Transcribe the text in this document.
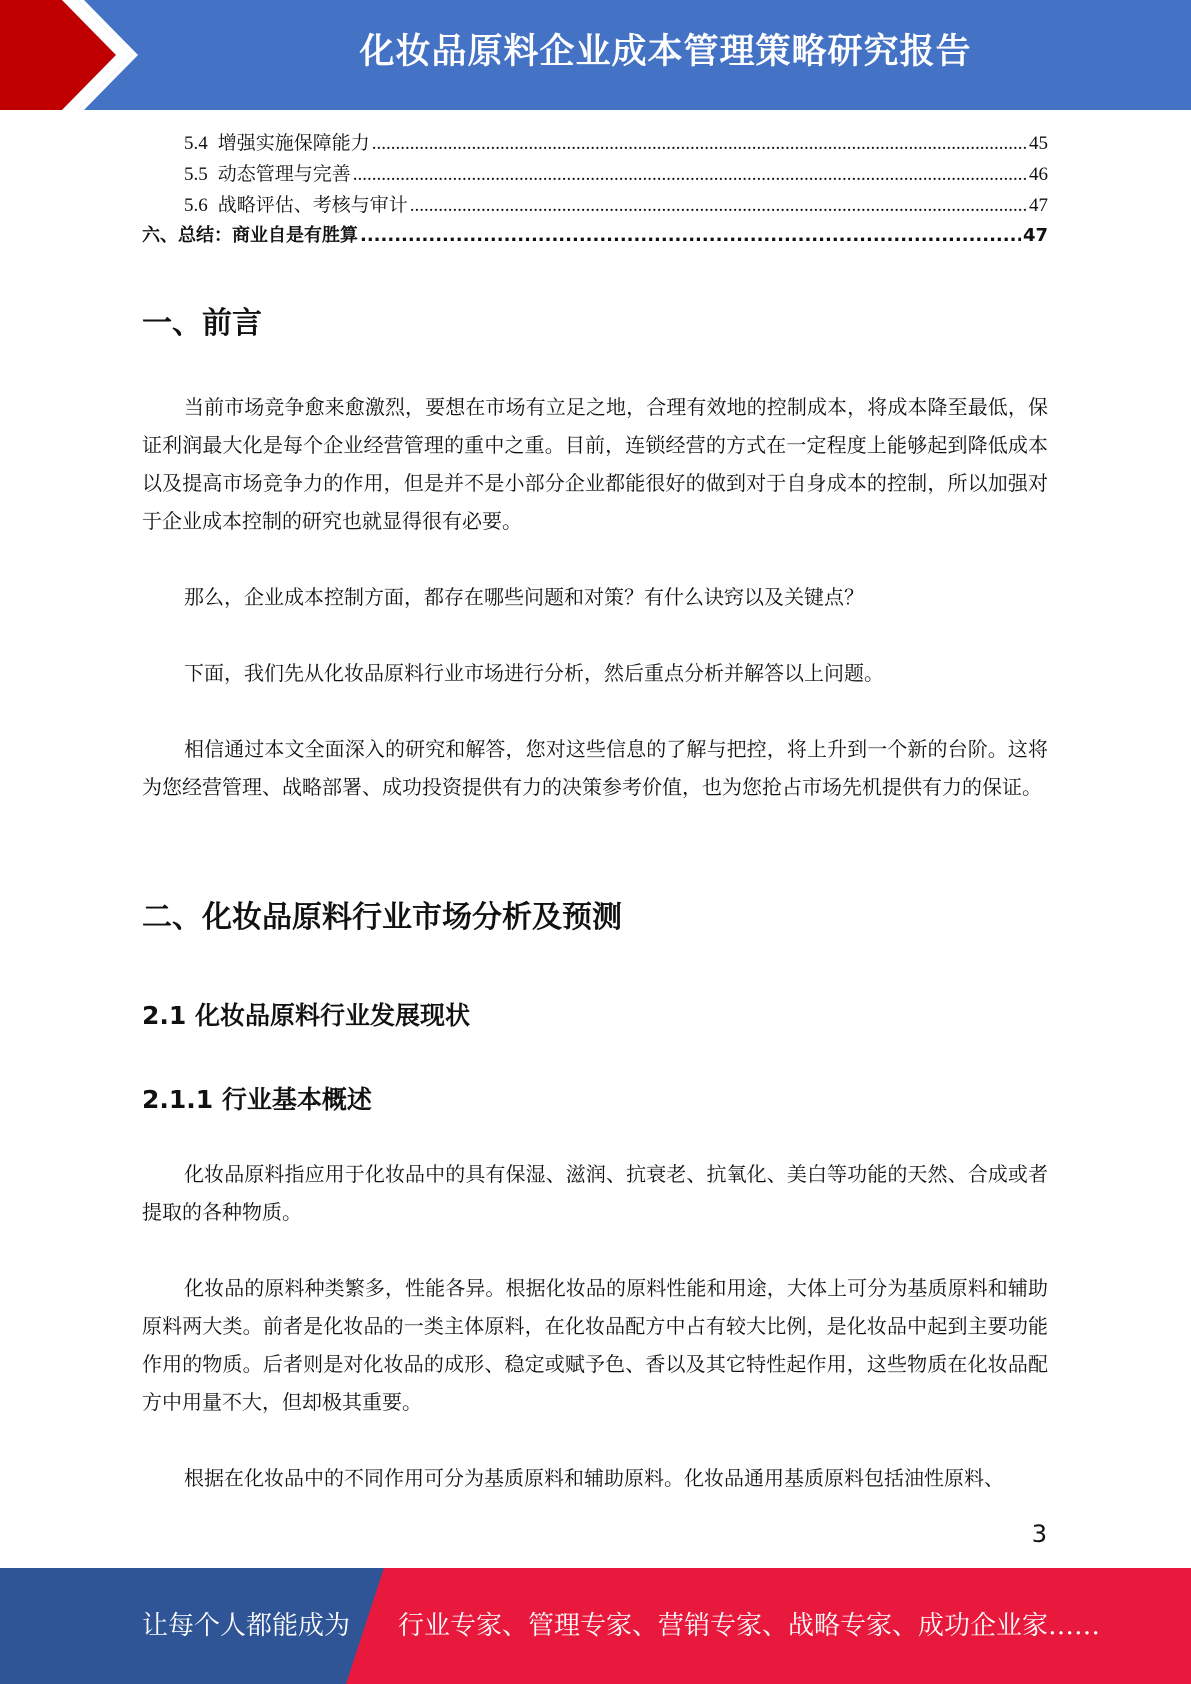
化妆品原料企业成本管理策略研究报告
5.4 增强实施保障能力 .....	45
5.5 动态管理与完善 .....	46
5.6 战略评估、考核与审计 .....	47
六、总结：商业自是有胜算 .....	47
一、前言

当前市场竞争愈来愈激烈，要想在市场有立足之地，合理有效地的控制成本，将成本降至最低，保证利润最大化是每个企业经营管理的重中之重。目前，连锁经营的方式在一定程度上能够起到降低成本以及提高市场竞争力的作用，但是并不是小部分企业都能很好的做到对于自身成本的控制，所以加强对于企业成本控制的研究也就显得很有必要。

那么，企业成本控制方面，都存在哪些问题和对策？有什么诀窍以及关键点？

下面，我们先从化妆品原料行业市场进行分析，然后重点分析并解答以上问题。

相信通过本文全面深入的研究和解答，您对这些信息的了解与把控，将上升到一个新的台阶。这将为您经营管理、战略部署、成功投资提供有力的决策参考价值，也为您抢占市场先机提供有力的保证。

二、化妆品原料行业市场分析及预测
2.1 化妆品原料行业发展现状
2.1.1 行业基本概述

化妆品原料指应用于化妆品中的具有保湿、滋润、抗衰老、抗氧化、美白等功能的天然、合成或者提取的各种物质。

化妆品的原料种类繁多，性能各异。根据化妆品的原料性能和用途，大体上可分为基质原料和辅助原料两大类。前者是化妆品的一类主体原料，在化妆品配方中占有较大比例，是化妆品中起到主要功能作用的物质。后者则是对化妆品的成形、稳定或赋予色、香以及其它特性起作用，这些物质在化妆品配方中用量不大，但却极其重要。

根据在化妆品中的不同作用可分为基质原料和辅助原料。化妆品通用基质原料包括油性原料、

3
让每个人都能成为 行业专家、管理专家、营销专家、战略专家、成功企业家……
